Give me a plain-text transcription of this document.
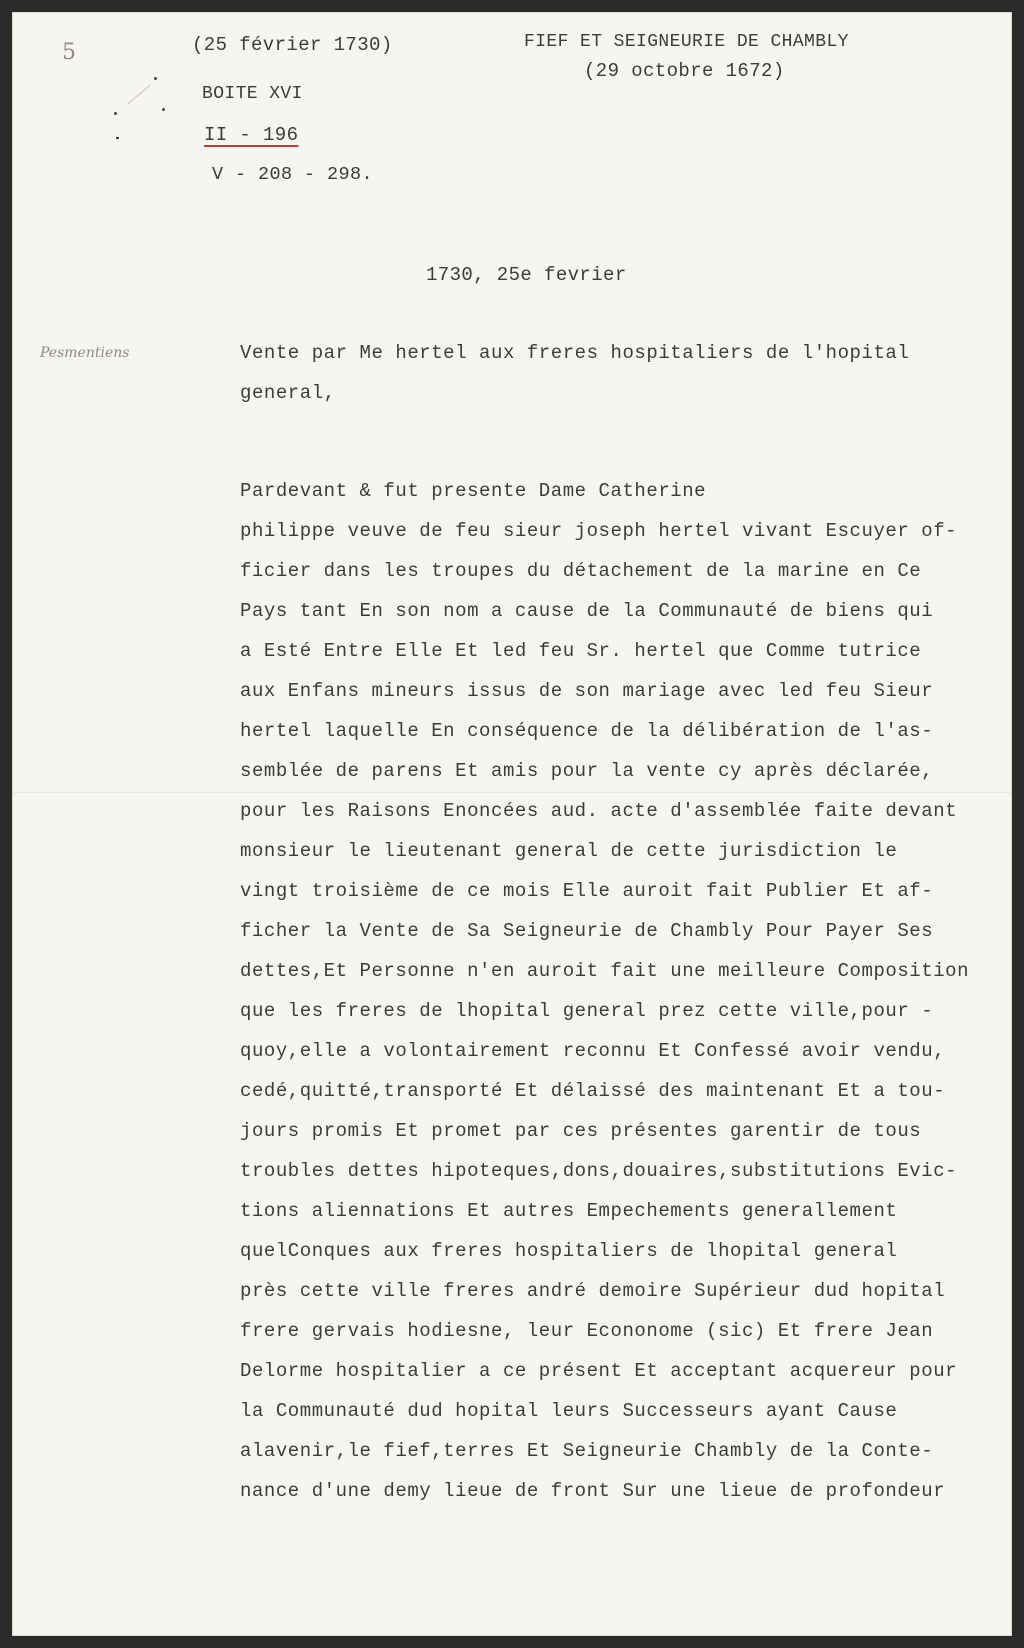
5	(25 février 1730)	FIEF ET SEIGNEURIE DE CHAMBLY
(29 octobre 1672)
BOITE XVI
II - 196
V - 208 - 298.
1730, 25e fevrier
Pesmentiens	Vente par Me hertel aux freres hospitaliers de l'hopital
general,
Pardevant & fut presente Dame Catherine
philippe veuve de feu sieur joseph hertel vivant Escuyer of-
ficier dans les troupes du détachement de la marine en Ce
Pays tant En son nom a cause de la Communauté de biens qui
a Esté Entre Elle Et led feu Sr. hertel que Comme tutrice
aux Enfans mineurs issus de son mariage avec led feu Sieur
hertel laquelle En conséquence de la délibération de l'as-
semblée de parens Et amis pour la vente cy après déclarée,
pour les Raisons Enoncées aud. acte d'assemblée faite devant
monsieur le lieutenant general de cette jurisdiction le
vingt troisième de ce mois Elle auroit fait Publier Et af-
ficher la Vente de Sa Seigneurie de Chambly Pour Payer Ses
dettes,Et Personne n'en auroit fait une meilleure Composition
que les freres de lhopital general prez cette ville,pour -
quoy,elle a volontairement reconnu Et Confessé avoir vendu,
cedé,quitté,transporté Et délaissé des maintenant Et a tou-
jours promis Et promet par ces présentes garentir de tous
troubles dettes hipoteques,dons,douaires,substitutions Evic-
tions aliennations Et autres Empechements generallement
quelConques aux freres hospitaliers de lhopital general
près cette ville freres andré demoire Supérieur dud hopital
frere gervais hodiesne, leur Econonome (sic) Et frere Jean
Delorme hospitalier a ce présent Et acceptant acquereur pour
la Communauté dud hopital leurs Successeurs ayant Cause
alavenir,le fief,terres Et Seigneurie Chambly de la Conte-
nance d'une demy lieue de front Sur une lieue de profondeur
